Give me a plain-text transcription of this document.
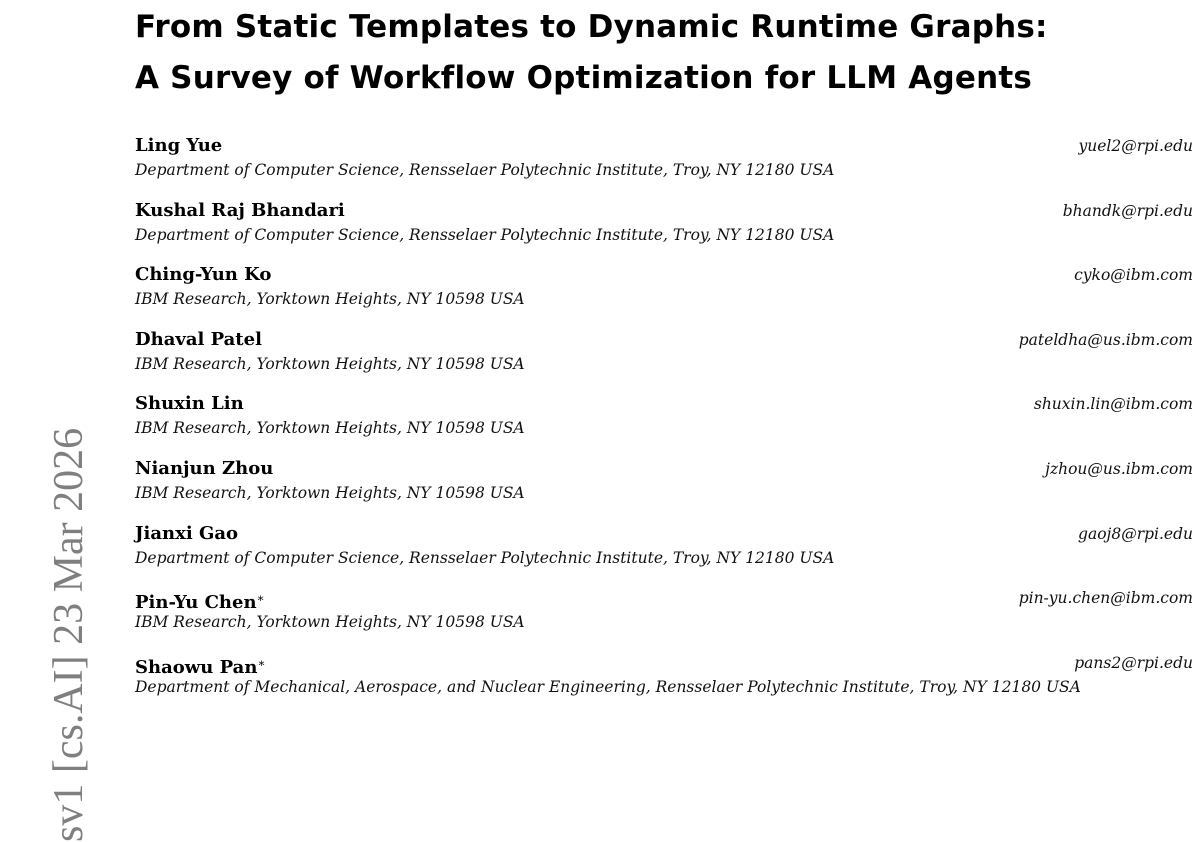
sv1 [cs.AI] 23 Mar 2026
From Static Templates to Dynamic Runtime Graphs:
A Survey of Workflow Optimization for LLM Agents
Ling Yue	yuel2@rpi.edu
Department of Computer Science, Rensselaer Polytechnic Institute, Troy, NY 12180 USA
Kushal Raj Bhandari	bhandk@rpi.edu
Department of Computer Science, Rensselaer Polytechnic Institute, Troy, NY 12180 USA
Ching-Yun Ko	cyko@ibm.com
IBM Research, Yorktown Heights, NY 10598 USA
Dhaval Patel	pateldha@us.ibm.com
IBM Research, Yorktown Heights, NY 10598 USA
Shuxin Lin	shuxin.lin@ibm.com
IBM Research, Yorktown Heights, NY 10598 USA
Nianjun Zhou	jzhou@us.ibm.com
IBM Research, Yorktown Heights, NY 10598 USA
Jianxi Gao	gaoj8@rpi.edu
Department of Computer Science, Rensselaer Polytechnic Institute, Troy, NY 12180 USA
Pin-Yu Chen∗	pin-yu.chen@ibm.com
IBM Research, Yorktown Heights, NY 10598 USA
Shaowu Pan∗	pans2@rpi.edu
Department of Mechanical, Aerospace, and Nuclear Engineering, Rensselaer Polytechnic Institute, Troy, NY 12180 USA
